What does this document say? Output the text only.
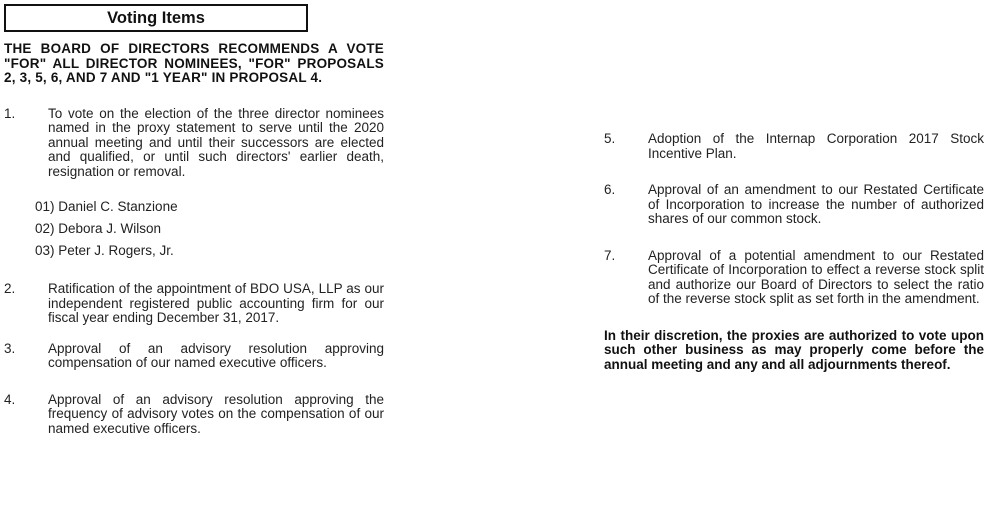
Voting Items
THE BOARD OF DIRECTORS RECOMMENDS A VOTE "FOR" ALL DIRECTOR NOMINEES, "FOR" PROPOSALS 2, 3, 5, 6, AND 7 AND "1 YEAR" IN PROPOSAL 4.
1.	To vote on the election of the three director nominees named in the proxy statement to serve until the 2020 annual meeting and until their successors are elected and qualified, or until such directors' earlier death, resignation or removal.
01) Daniel C. Stanzione
02) Debora J. Wilson
03) Peter J. Rogers, Jr.
2.	Ratification of the appointment of BDO USA, LLP as our independent registered public accounting firm for our fiscal year ending December 31, 2017.
3.	Approval of an advisory resolution approving compensation of our named executive officers.
4.	Approval of an advisory resolution approving the frequency of advisory votes on the compensation of our named executive officers.
5.	Adoption of the Internap Corporation 2017 Stock Incentive Plan.
6.	Approval of an amendment to our Restated Certificate of Incorporation to increase the number of authorized shares of our common stock.
7.	Approval of a potential amendment to our Restated Certificate of Incorporation to effect a reverse stock split and authorize our Board of Directors to select the ratio of the reverse stock split as set forth in the amendment.
In their discretion, the proxies are authorized to vote upon such other business as may properly come before the annual meeting and any and all adjournments thereof.
